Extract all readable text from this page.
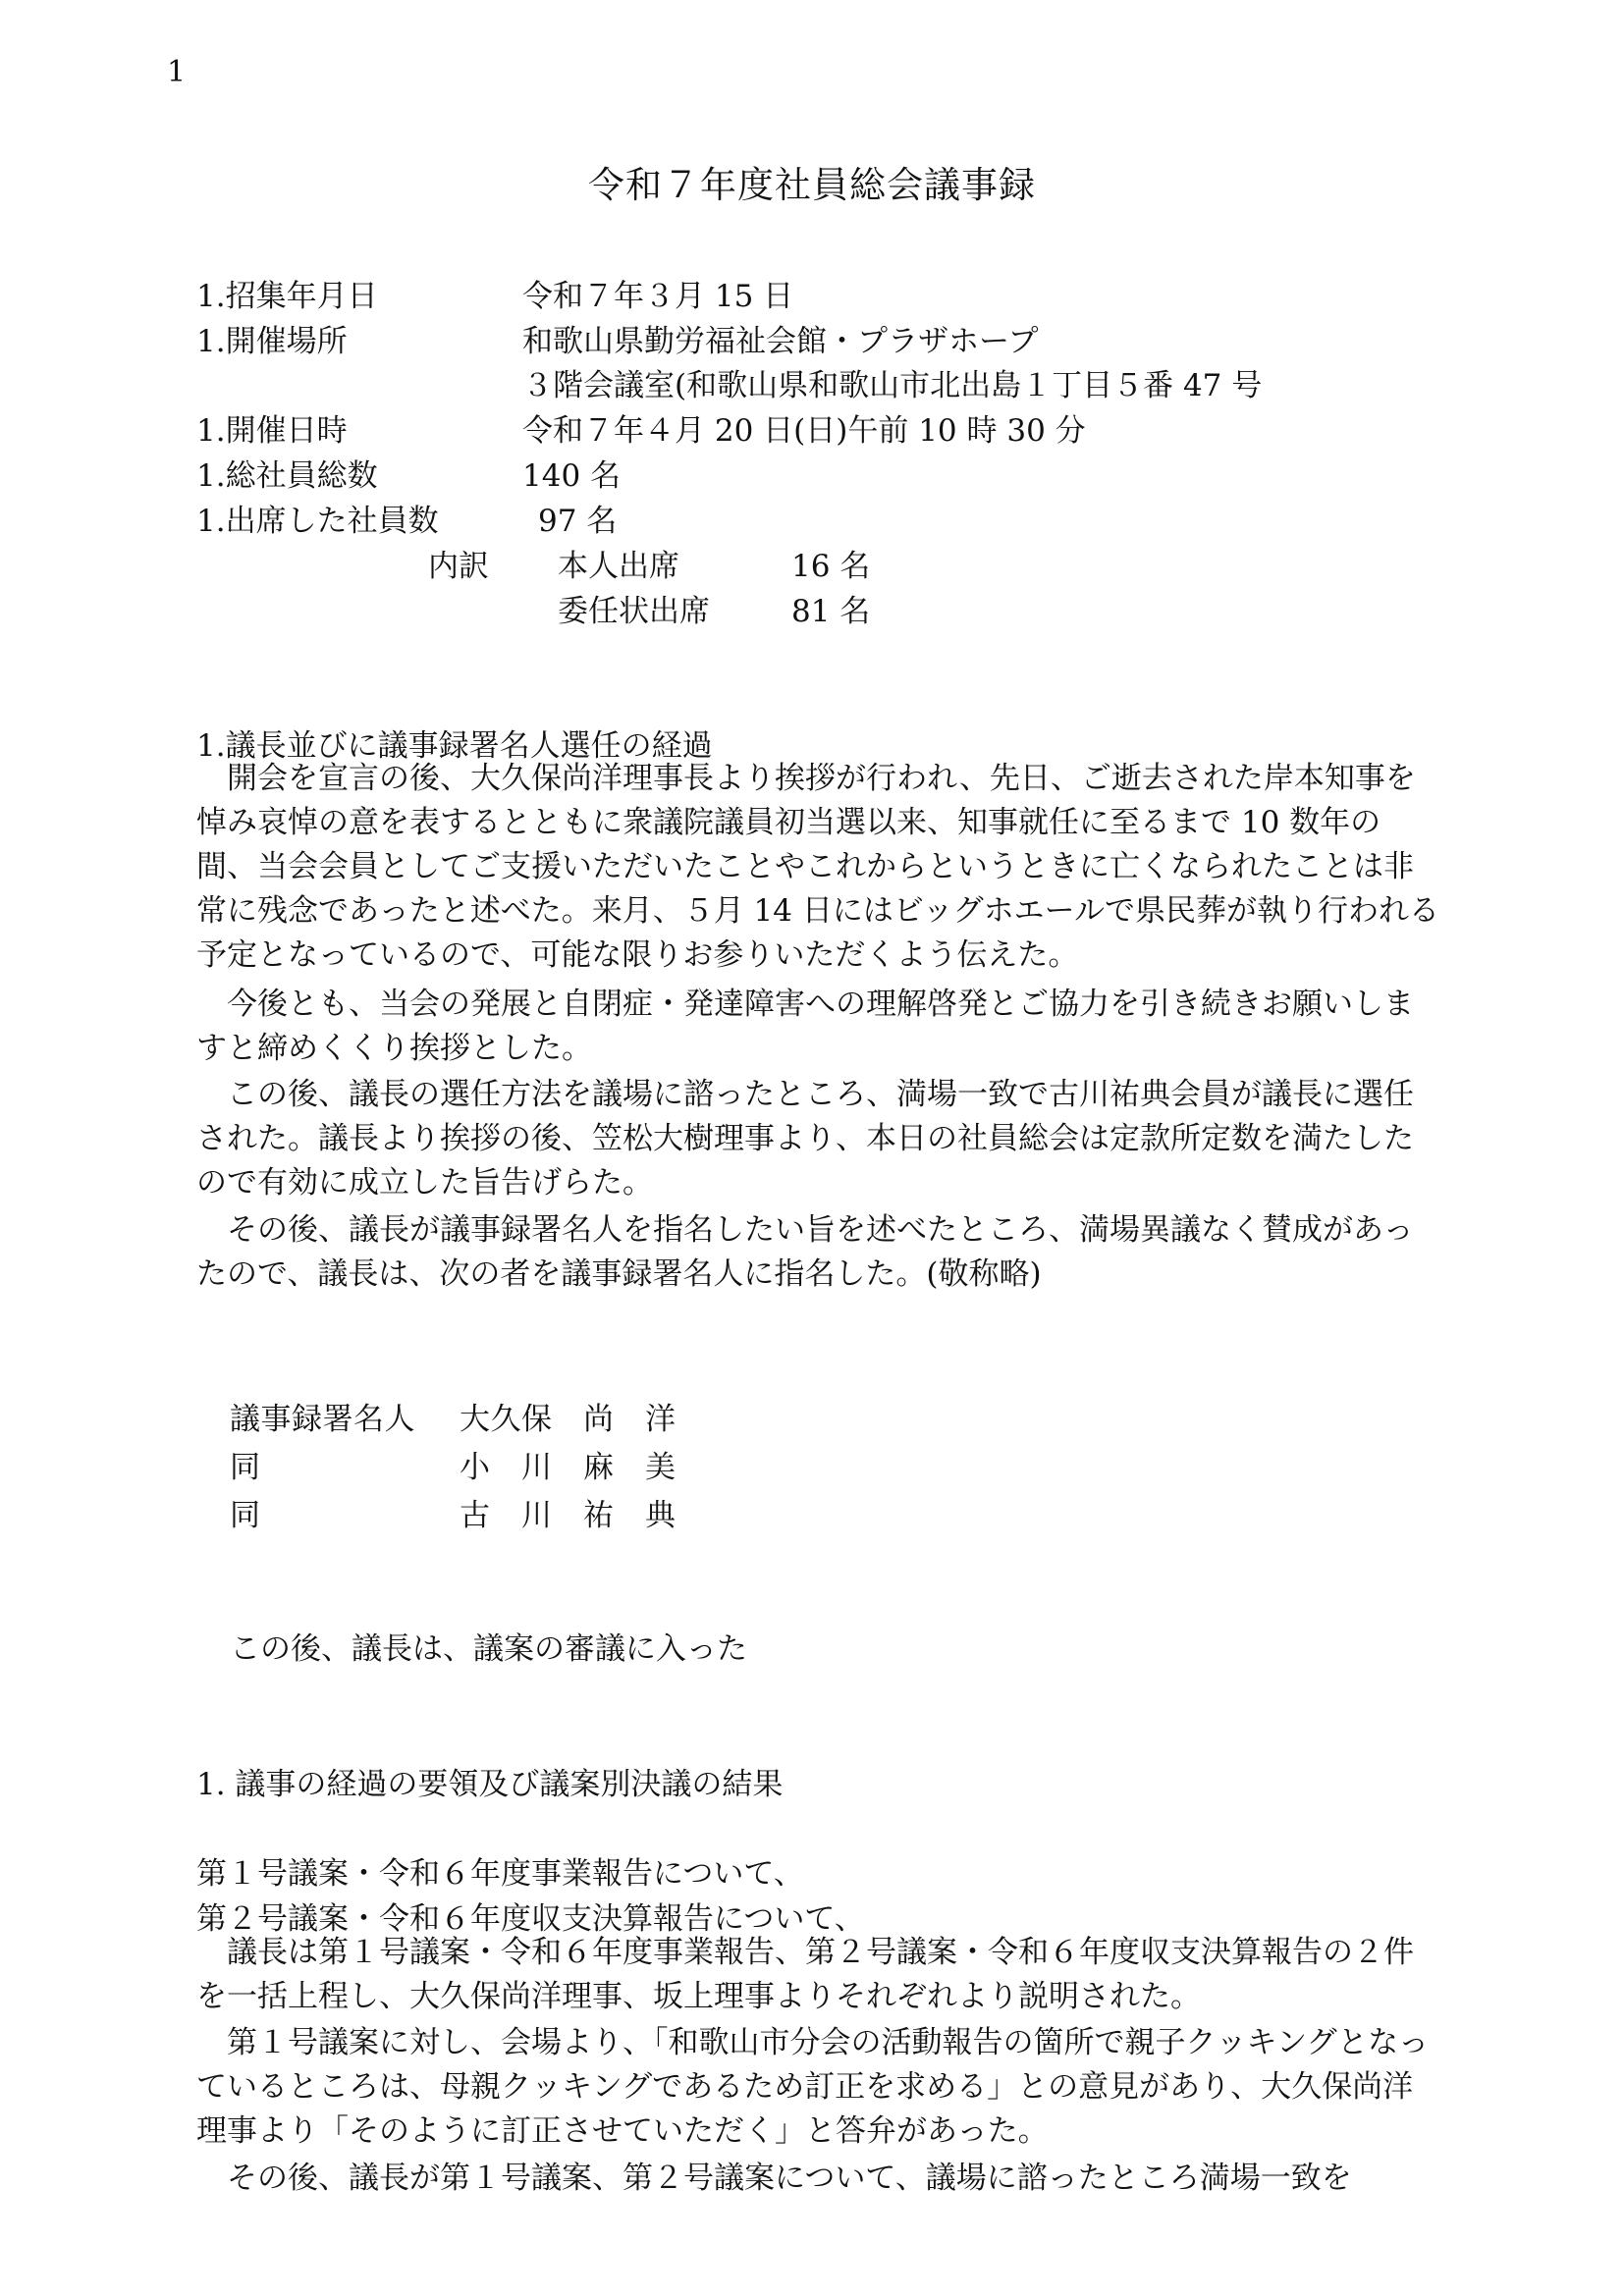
1
令和７年度社員総会議事録
1.招集年月日	令和７年３月 15 日
1.開催場所	和歌山県勤労福祉会館・プラザホープ
３階会議室(和歌山県和歌山市北出島１丁目５番 47 号
1.開催日時	令和７年４月 20 日(日)午前 10 時 30 分
1.総社員総数	140 名
1.出席した社員数	97 名
内訳 本人出席	16 名
委任状出席	81 名
1.議長並びに議事録署名人選任の経過

開会を宣言の後、大久保尚洋理事長より挨拶が行われ、先日、ご逝去された岸本知事を悼み哀悼の意を表するとともに衆議院議員初当選以来、知事就任に至るまで 10 数年の間、当会会員としてご支援いただいたことやこれからというときに亡くなられたことは非常に残念であったと述べた。来月、５月 14 日にはビッグホエールで県民葬が執り行われる予定となっているので、可能な限りお参りいただくよう伝えた。

今後とも、当会の発展と自閉症・発達障害への理解啓発とご協力を引き続きお願いしますと締めくくり挨拶とした。

この後、議長の選任方法を議場に諮ったところ、満場一致で古川祐典会員が議長に選任された。議長より挨拶の後、笠松大樹理事より、本日の社員総会は定款所定数を満たしたので有効に成立した旨告げらた。

その後、議長が議事録署名人を指名したい旨を述べたところ、満場異議なく賛成があったので、議長は、次の者を議事録署名人に指名した。(敬称略)

議事録署名人 大久保　尚　洋
同	小　川　麻　美
同	古　川　祐　典
この後、議長は、議案の審議に入った
1. 議事の経過の要領及び議案別決議の結果
第１号議案・令和６年度事業報告について、
第２号議案・令和６年度収支決算報告について、

議長は第１号議案・令和６年度事業報告、第２号議案・令和６年度収支決算報告の２件を一括上程し、大久保尚洋理事、坂上理事よりそれぞれより説明された。

第１号議案に対し、会場より、「和歌山市分会の活動報告の箇所で親子クッキングとなっているところは、母親クッキングであるため訂正を求める」との意見があり、大久保尚洋理事より「そのように訂正させていただく」と答弁があった。

その後、議長が第１号議案、第２号議案について、議場に諮ったところ満場一致を
